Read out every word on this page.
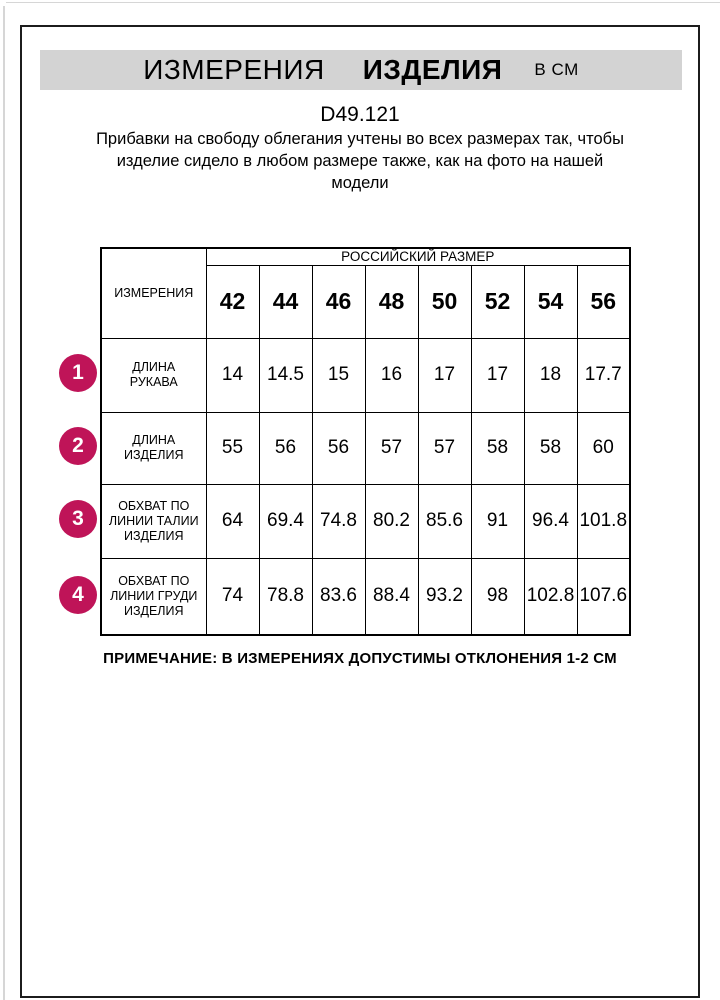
ИЗМЕРЕНИЯ ИЗДЕЛИЯ В СМ
D49.121
Прибавки на свободу облегания учтены во всех размерах так, чтобы изделие сидело в любом размере также, как на фото на нашей модели
ИЗМЕРЕНИЯ	РОССИЙСКИЙ РАЗМЕР							
	42	44	46	48	50	52	54	56
ДЛИНА РУКАВА	14	14.5	15	16	17	17	18	17.7
ДЛИНА ИЗДЕЛИЯ	55	56	56	57	57	58	58	60
ОБХВАТ ПО ЛИНИИ ТАЛИИ ИЗДЕЛИЯ	64	69.4	74.8	80.2	85.6	91	96.4	101.8
ОБХВАТ ПО ЛИНИИ ГРУДИ ИЗДЕЛИЯ	74	78.8	83.6	88.4	93.2	98	102.8	107.6
1
2
3
4
ПРИМЕЧАНИЕ: В ИЗМЕРЕНИЯХ ДОПУСТИМЫ ОТКЛОНЕНИЯ 1-2 СМ
